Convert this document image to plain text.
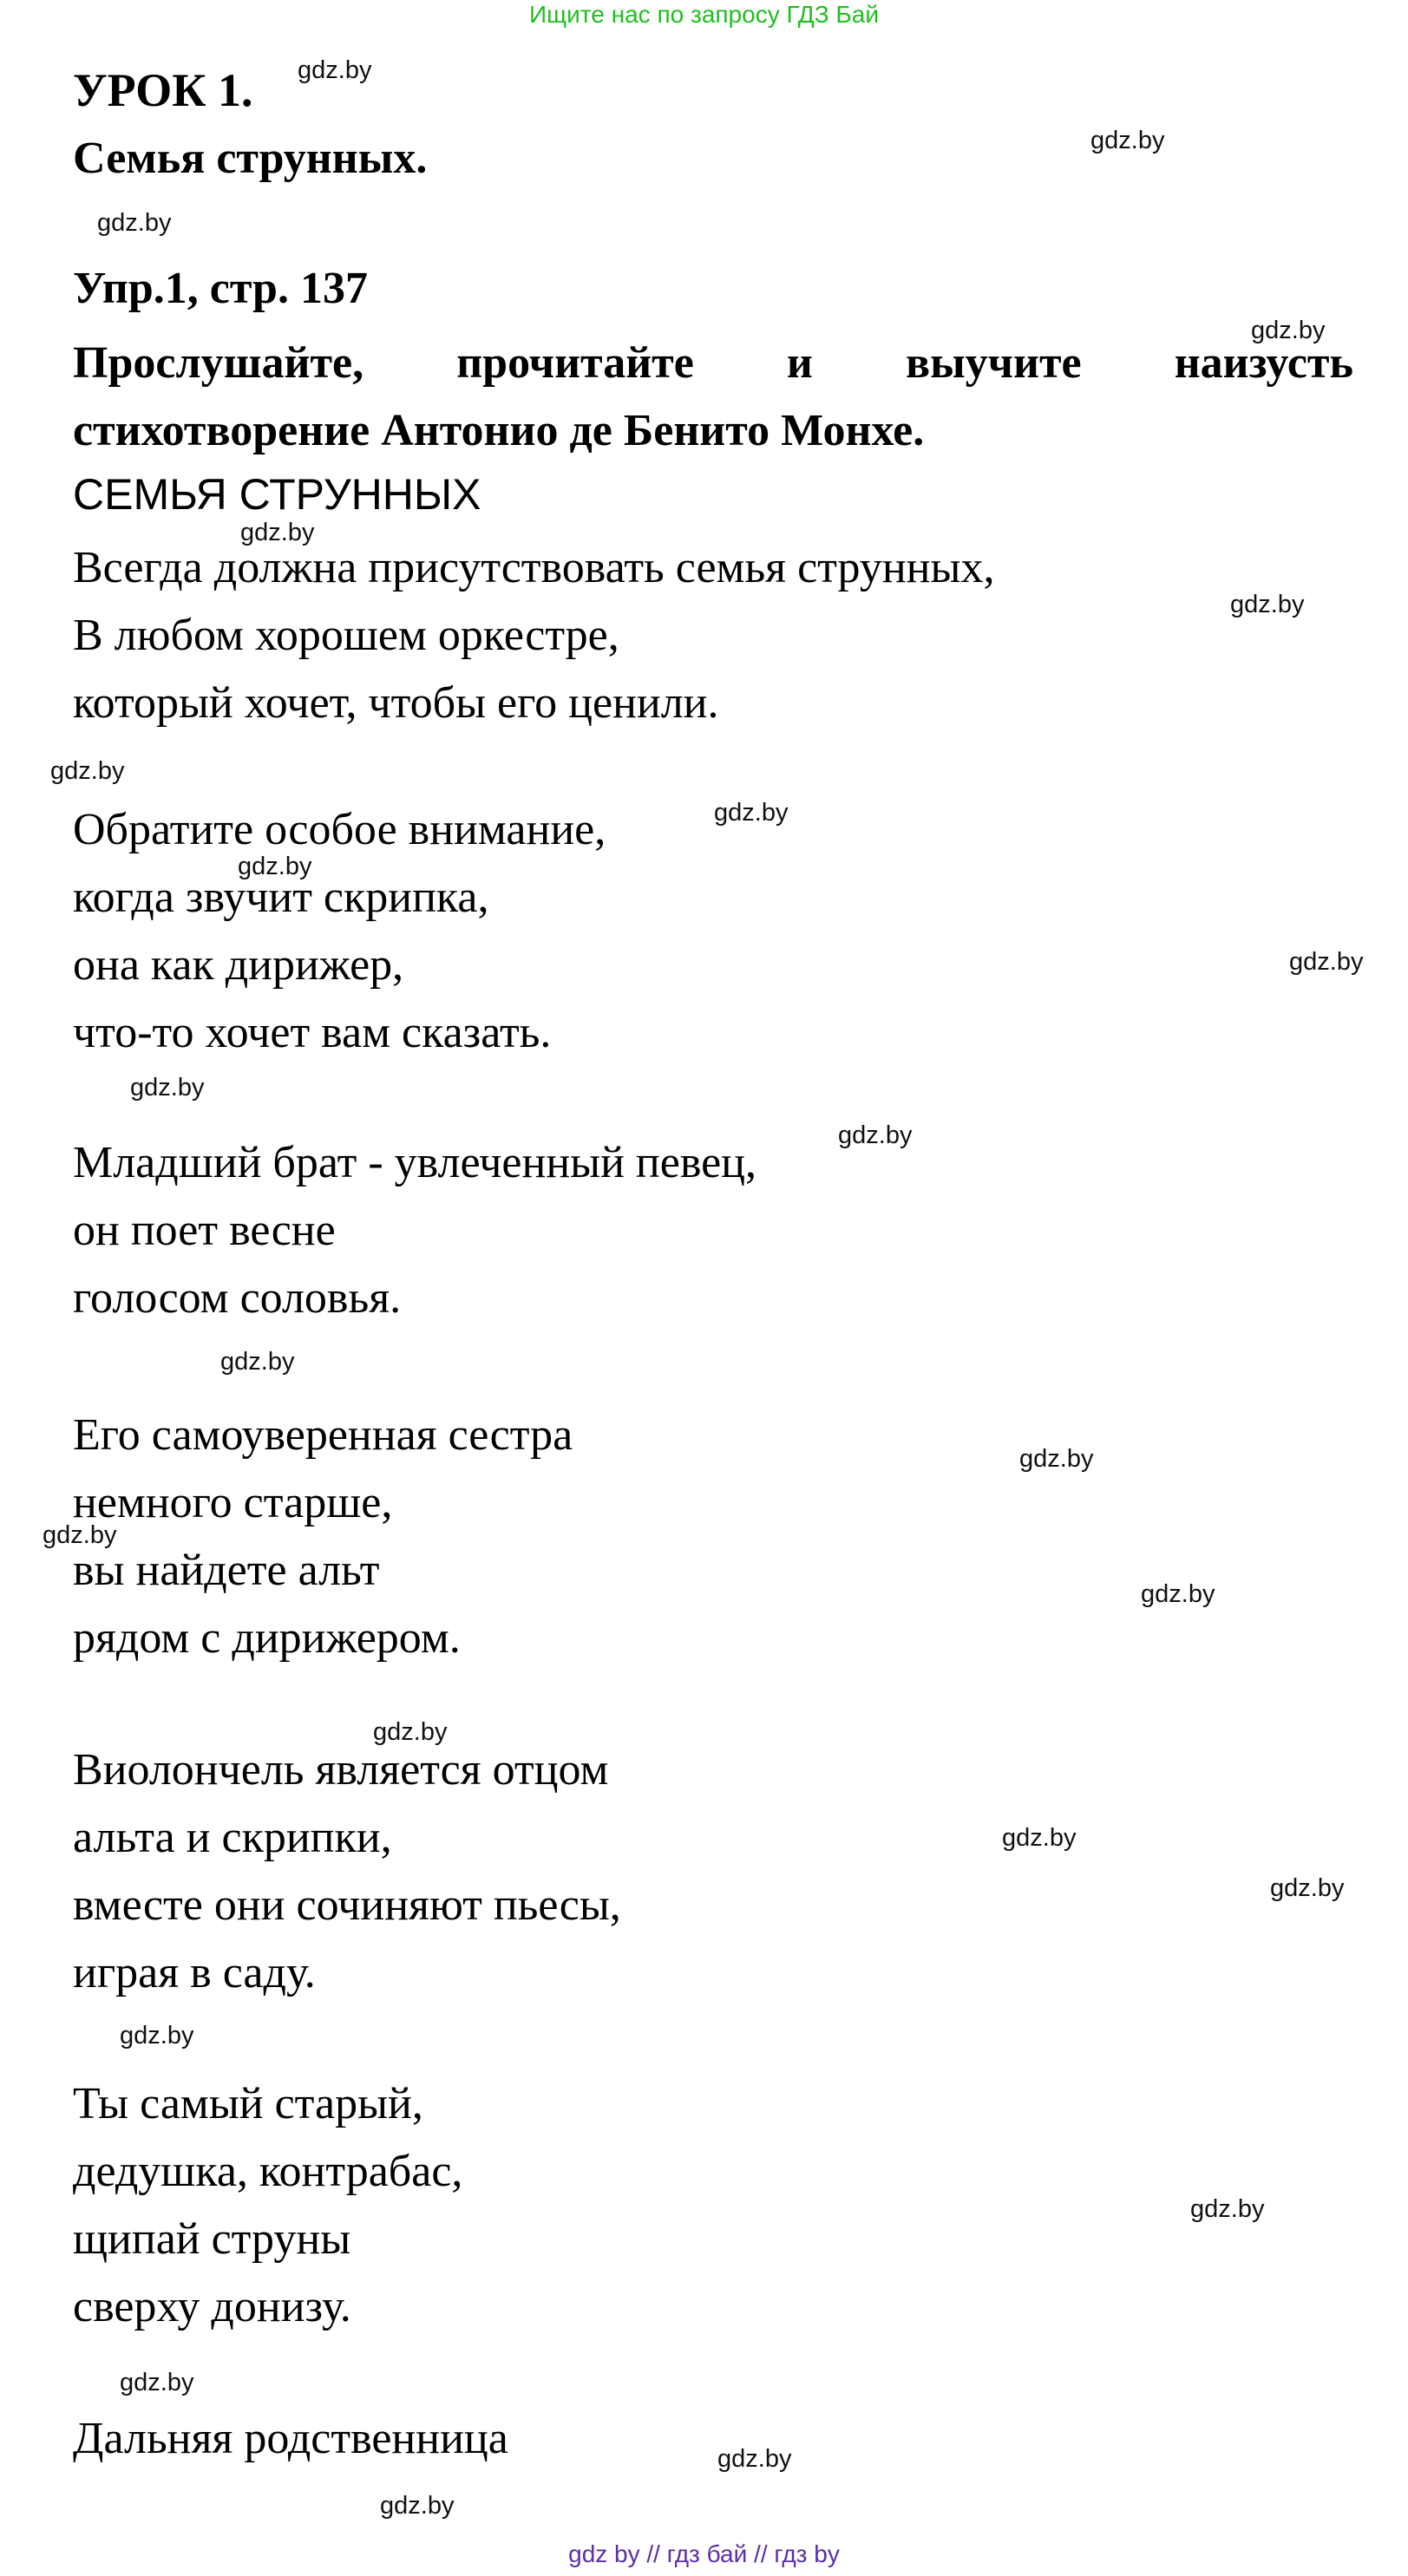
Ищите нас по запросу ГДЗ Бай
УРОК 1.
Семья струнных.
Упр.1, стр. 137
Прослушайте, прочитайте и выучите наизусть
стихотворение Антонио де Бенито Монхе.
СЕМЬЯ СТРУННЫХ
Всегда должна присутствовать семья струнных,
В любом хорошем оркестре,
который хочет, чтобы его ценили.
Обратите особое внимание,
когда звучит скрипка,
она как дирижер,
что-то хочет вам сказать.
Младший брат - увлеченный певец,
он поет весне
голосом соловья.
Его самоуверенная сестра
немного старше,
вы найдете альт
рядом с дирижером.
Виолончель является отцом
альта и скрипки,
вместе они сочиняют пьесы,
играя в саду.
Ты самый старый,
дедушка, контрабас,
щипай струны
сверху донизу.
Дальняя родственница
gdz.by
gdz.by
gdz.by
gdz.by
gdz.by
gdz.by
gdz.by
gdz.by
gdz.by
gdz.by
gdz.by
gdz.by
gdz.by
gdz.by
gdz.by
gdz.by
gdz.by
gdz.by
gdz.by
gdz.by
gdz.by
gdz.by
gdz.by
gdz.by
gdz by // гдз бай // гдз by
